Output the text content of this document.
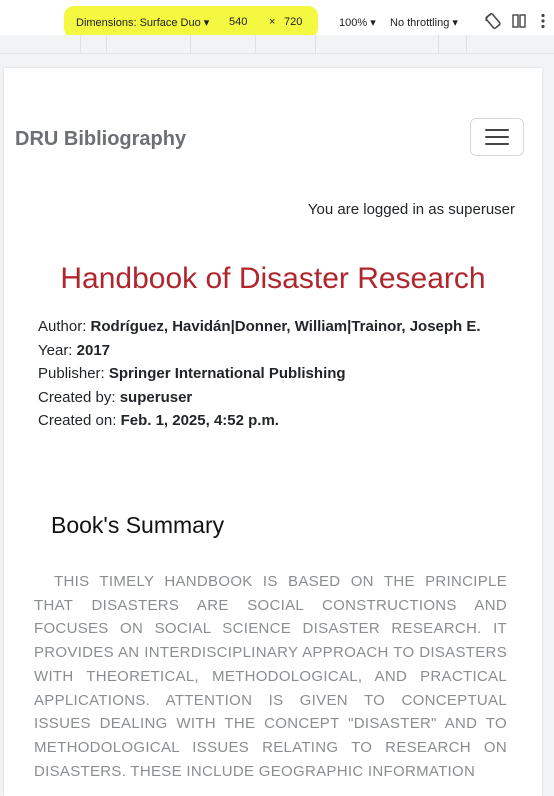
Dimensions: Surface Duo ▾ 540 × 720	100% ▾ No throttling ▾
DRU Bibliography
You are logged in as superuser
Handbook of Disaster Research
Author: Rodríguez, Havidán|Donner, William|Trainor, Joseph E.
Year: 2017
Publisher: Springer International Publishing
Created by: superuser
Created on: Feb. 1, 2025, 4:52 p.m.
Book's Summary
THIS TIMELY HANDBOOK IS BASED ON THE PRINCIPLE THAT DISASTERS ARE SOCIAL CONSTRUCTIONS AND FOCUSES ON SOCIAL SCIENCE DISASTER RESEARCH. IT PROVIDES AN INTERDISCIPLINARY APPROACH TO DISASTERS WITH THEORETICAL, METHODOLOGICAL, AND PRACTICAL APPLICATIONS. ATTENTION IS GIVEN TO CONCEPTUAL ISSUES DEALING WITH THE CONCEPT "DISASTER" AND TO METHODOLOGICAL ISSUES RELATING TO RESEARCH ON DISASTERS. THESE INCLUDE GEOGRAPHIC INFORMATION
